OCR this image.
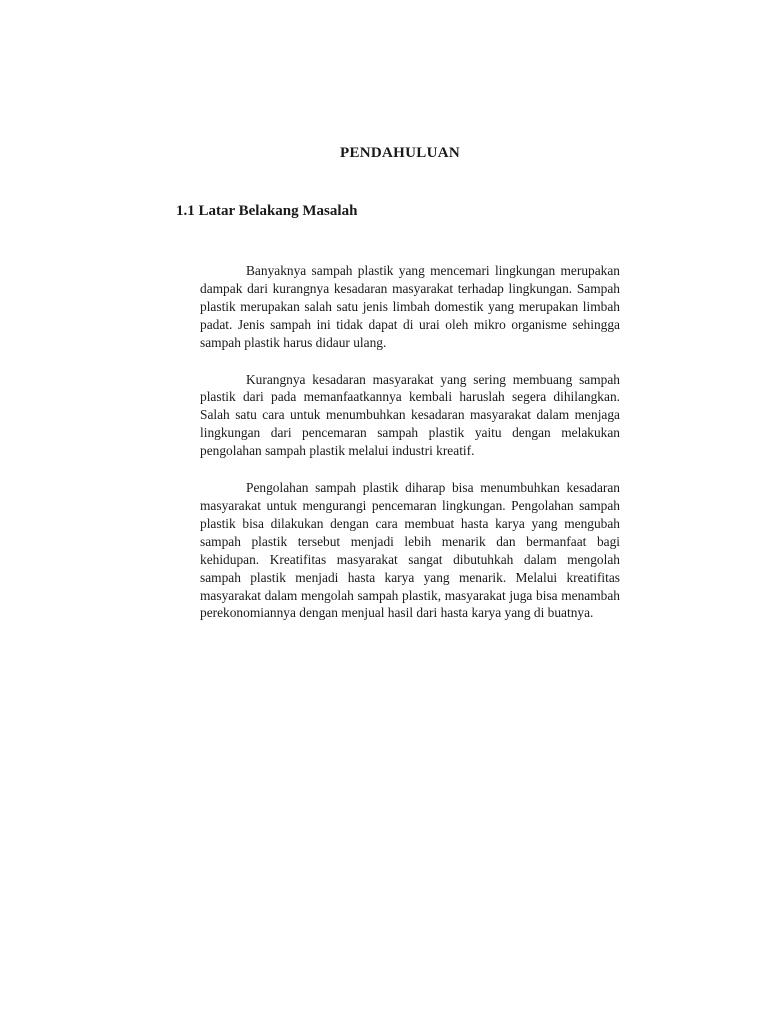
PENDAHULUAN
1.1 Latar Belakang Masalah

Banyaknya sampah plastik yang mencemari lingkungan merupakan dampak dari kurangnya kesadaran masyarakat terhadap lingkungan. Sampah plastik merupakan salah satu jenis limbah domestik yang merupakan limbah padat. Jenis sampah ini tidak dapat di urai oleh mikro organisme sehingga sampah plastik harus didaur ulang.

Kurangnya kesadaran masyarakat yang sering membuang sampah plastik dari pada memanfaatkannya kembali haruslah segera dihilangkan. Salah satu cara untuk menumbuhkan kesadaran masyarakat dalam menjaga lingkungan dari pencemaran sampah plastik yaitu dengan melakukan pengolahan sampah plastik melalui industri kreatif.

Pengolahan sampah plastik diharap bisa menumbuhkan kesadaran masyarakat untuk mengurangi pencemaran lingkungan. Pengolahan sampah plastik bisa dilakukan dengan cara membuat hasta karya yang mengubah sampah plastik tersebut menjadi lebih menarik dan bermanfaat bagi kehidupan. Kreatifitas masyarakat sangat dibutuhkah dalam mengolah sampah plastik menjadi hasta karya yang menarik. Melalui kreatifitas masyarakat dalam mengolah sampah plastik, masyarakat juga bisa menambah perekonomiannya dengan menjual hasil dari hasta karya yang di buatnya.
